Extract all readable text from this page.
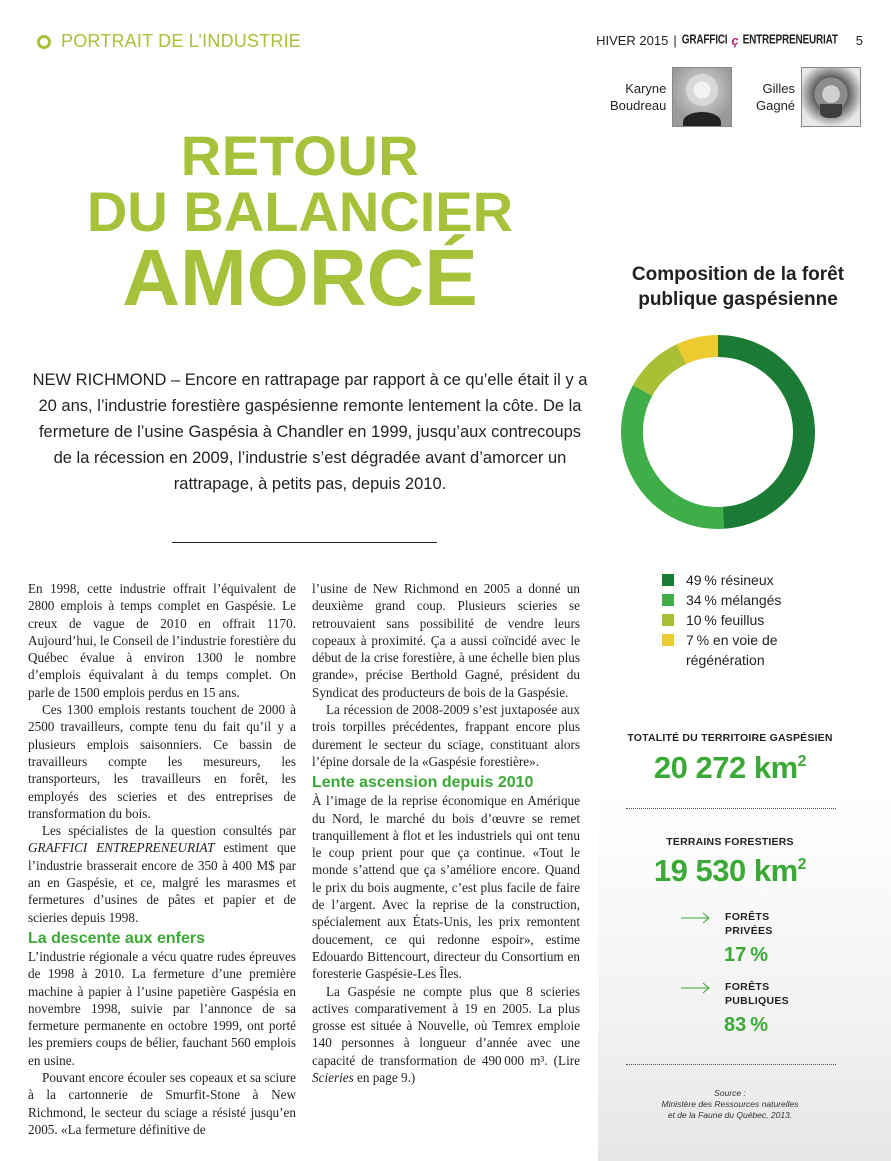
PORTRAIT DE L’INDUSTRIE	HIVER 2015 | GRAFFICI ç ENTREPRENEURIAT 5
Karyne
Boudreau
Gilles
Gagné
RETOUR
DU BALANCIER
AMORCÉ
NEW RICHMOND – Encore en rattrapage par rapport à ce qu’elle était il y a 20 ans, l’industrie forestière gaspésienne remonte lentement la côte. De la fermeture de l’usine Gaspésia à Chandler en 1999, jusqu’aux contrecoups de la récession en 2009, l’industrie s’est dégradée avant d’amorcer un rattrapage, à petits pas, depuis 2010.

En 1998, cette industrie offrait l’équivalent de 2800 emplois à temps complet en Gaspésie. Le creux de vague de 2010 en offrait 1170. Aujourd’hui, le Conseil de l’industrie forestière du Québec évalue à environ 1300 le nombre d’emplois équivalant à du temps complet. On parle de 1500 emplois perdus en 15 ans.

Ces 1300 emplois restants touchent de 2000 à 2500 travailleurs, compte tenu du fait qu’il y a plusieurs emplois saisonniers. Ce bassin de travailleurs compte les mesureurs, les transporteurs, les travailleurs en forêt, les employés des scieries et des entreprises de transformation du bois.

Les spécialistes de la question consultés par GRAFFICI ENTREPRENEURIAT estiment que l’industrie brasserait encore de 350 à 400 M$ par an en Gaspésie, et ce, malgré les marasmes et fermetures d’usines de pâtes et papier et de scieries depuis 1998.

La descente aux enfers

L’industrie régionale a vécu quatre rudes épreuves de 1998 à 2010. La fermeture d’une première machine à papier à l’usine papetière Gaspésia en novembre 1998, suivie par l’annonce de sa fermeture permanente en octobre 1999, ont porté les premiers coups de bélier, fauchant 560 emplois en usine.

Pouvant encore écouler ses copeaux et sa sciure à la cartonnerie de Smurfit-Stone à New Richmond, le secteur du sciage a résisté jusqu’en 2005. «La fermeture définitive de

l’usine de New Richmond en 2005 a donné un deuxième grand coup. Plusieurs scieries se retrouvaient sans possibilité de vendre leurs copeaux à proximité. Ça a aussi coïncidé avec le début de la crise forestière, à une échelle bien plus grande», précise Berthold Gagné, président du Syndicat des producteurs de bois de la Gaspésie.

La récession de 2008-2009 s’est juxtaposée aux trois torpilles précédentes, frappant encore plus durement le secteur du sciage, constituant alors l’épine dorsale de la «Gaspésie forestière».

Lente ascension depuis 2010

À l’image de la reprise économique en Amérique du Nord, le marché du bois d’œuvre se remet tranquillement à flot et les industriels qui ont tenu le coup prient pour que ça continue. «Tout le monde s’attend que ça s’améliore encore. Quand le prix du bois augmente, c’est plus facile de faire de l’argent. Avec la reprise de la construction, spécialement aux États-Unis, les prix remontent doucement, ce qui redonne espoir», estime Edouardo Bittencourt, directeur du Consortium en foresterie Gaspésie-Les Îles.

La Gaspésie ne compte plus que 8 scieries actives comparativement à 19 en 2005. La plus grosse est située à Nouvelle, où Temrex emploie 140 personnes à longueur d’année avec une capacité de transformation de 490 000 m³. (Lire Scieries en page 9.)

Composition de la forêt
publique gaspésienne
49 % résineux
34 % mélangés
10 % feuillus
7 % en voie de régénération
TOTALITÉ DU TERRITOIRE GASPÉSIEN
20 272 $km^2$
TERRAINS FORESTIERS
19 530 $km^2$
FORÊTS
PRIVÉES
17 %
FORÊTS
PUBLIQUES
83 %
Source :
Ministère des Ressources naturelles
et de la Faune du Québec, 2013.
